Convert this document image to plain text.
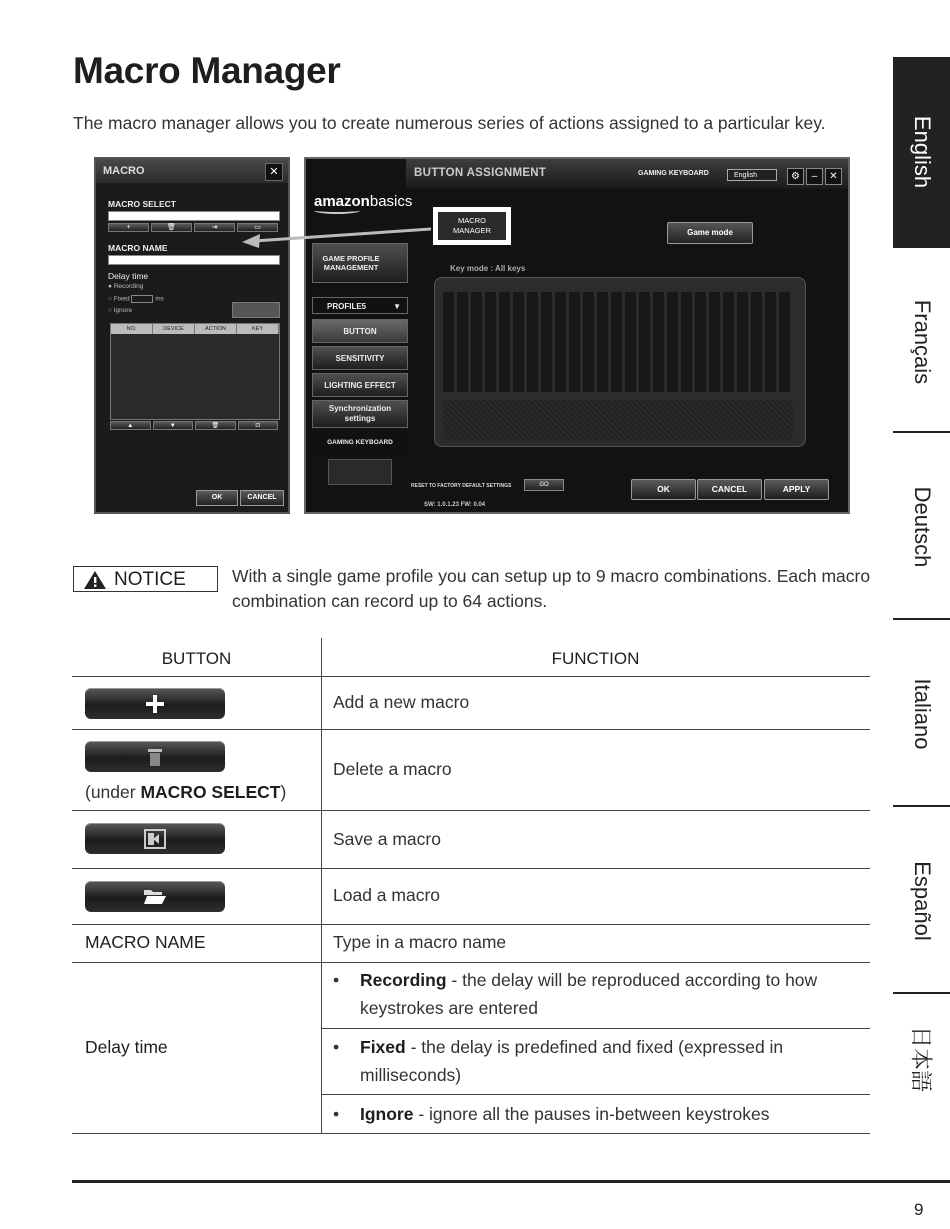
Macro Manager
The macro manager allows you to create numerous series of actions assigned to a particular key.	English
Français
Deutsch
Italiano
Español
日本語
MACRO	✕
MACRO SELECT
+	🗑	⇥	▭
MACRO NAME
Delay time
● Recording
○ Fixed	ms
○ Ignore
NO.	DEVICE	ACTION	KEY
▲	▼	🗑	⊡
OK	CANCEL
BUTTON ASSIGNMENT	GAMING KEYBOARD	English	⚙	–	✕
amazonbasics
MACRO
MANAGER	Game mode
Key mode : All keys
GAME PROFILE MANAGEMENT
PROFILE5	▼
BUTTON
SENSITIVITY
LIGHTING EFFECT
Synchronization
settings
GAMING KEYBOARD
RESET TO FACTORY DEFAULT SETTINGS	GO	OK	CANCEL	APPLY
SW: 1.0.1.23 FW: 0.04
NOTICE	With a single game profile you can setup up to 9 macro combinations. Each macro combination can record up to 64 actions.
BUTTON	FUNCTION
Add a new macro
(under MACRO SELECT)
Delete a macro
Save a macro
Load a macro
MACRO NAME	Type in a macro name
Delay time
• Recording - the delay will be reproduced according to how keystrokes are entered
• Fixed - the delay is predefined and fixed (expressed in milliseconds)
• Ignore - ignore all the pauses in-between keystrokes
9
